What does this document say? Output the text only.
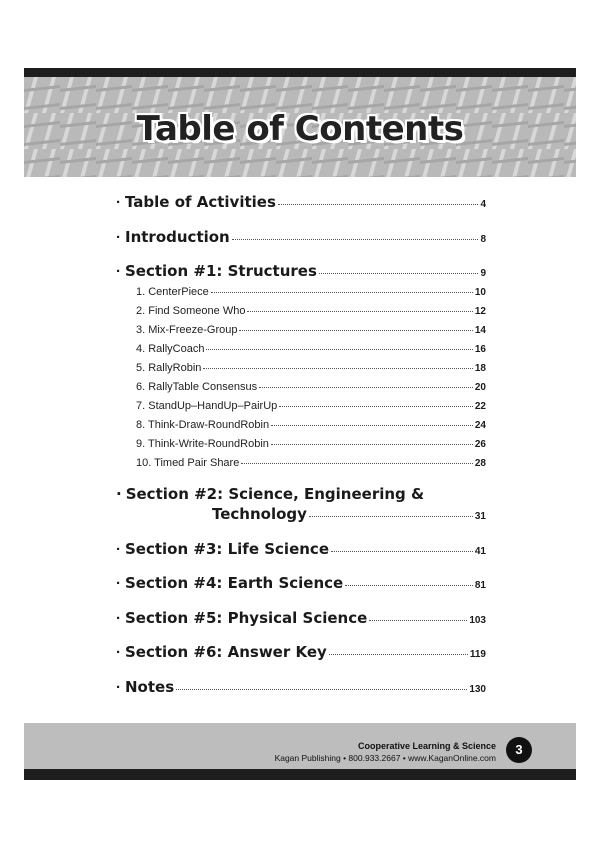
Table of Contents
· Table of Activities	4
· Introduction	8
· Section #1: Structures	9
1. CenterPiece	10
2. Find Someone Who	12
3. Mix-Freeze-Group	14
4. RallyCoach	16
5. RallyRobin	18
6. RallyTable Consensus	20
7. StandUp–HandUp–PairUp	22
8. Think-Draw-RoundRobin	24
9. Think-Write-RoundRobin	26
10. Timed Pair Share	28
· Section #2: Science, Engineering &
Technology	31
· Section #3: Life Science	41
· Section #4: Earth Science	81
· Section #5: Physical Science	103
· Section #6: Answer Key	119
· Notes	130
Cooperative Learning & Science
Kagan Publishing • 800.933.2667 • www.KaganOnline.com
3
